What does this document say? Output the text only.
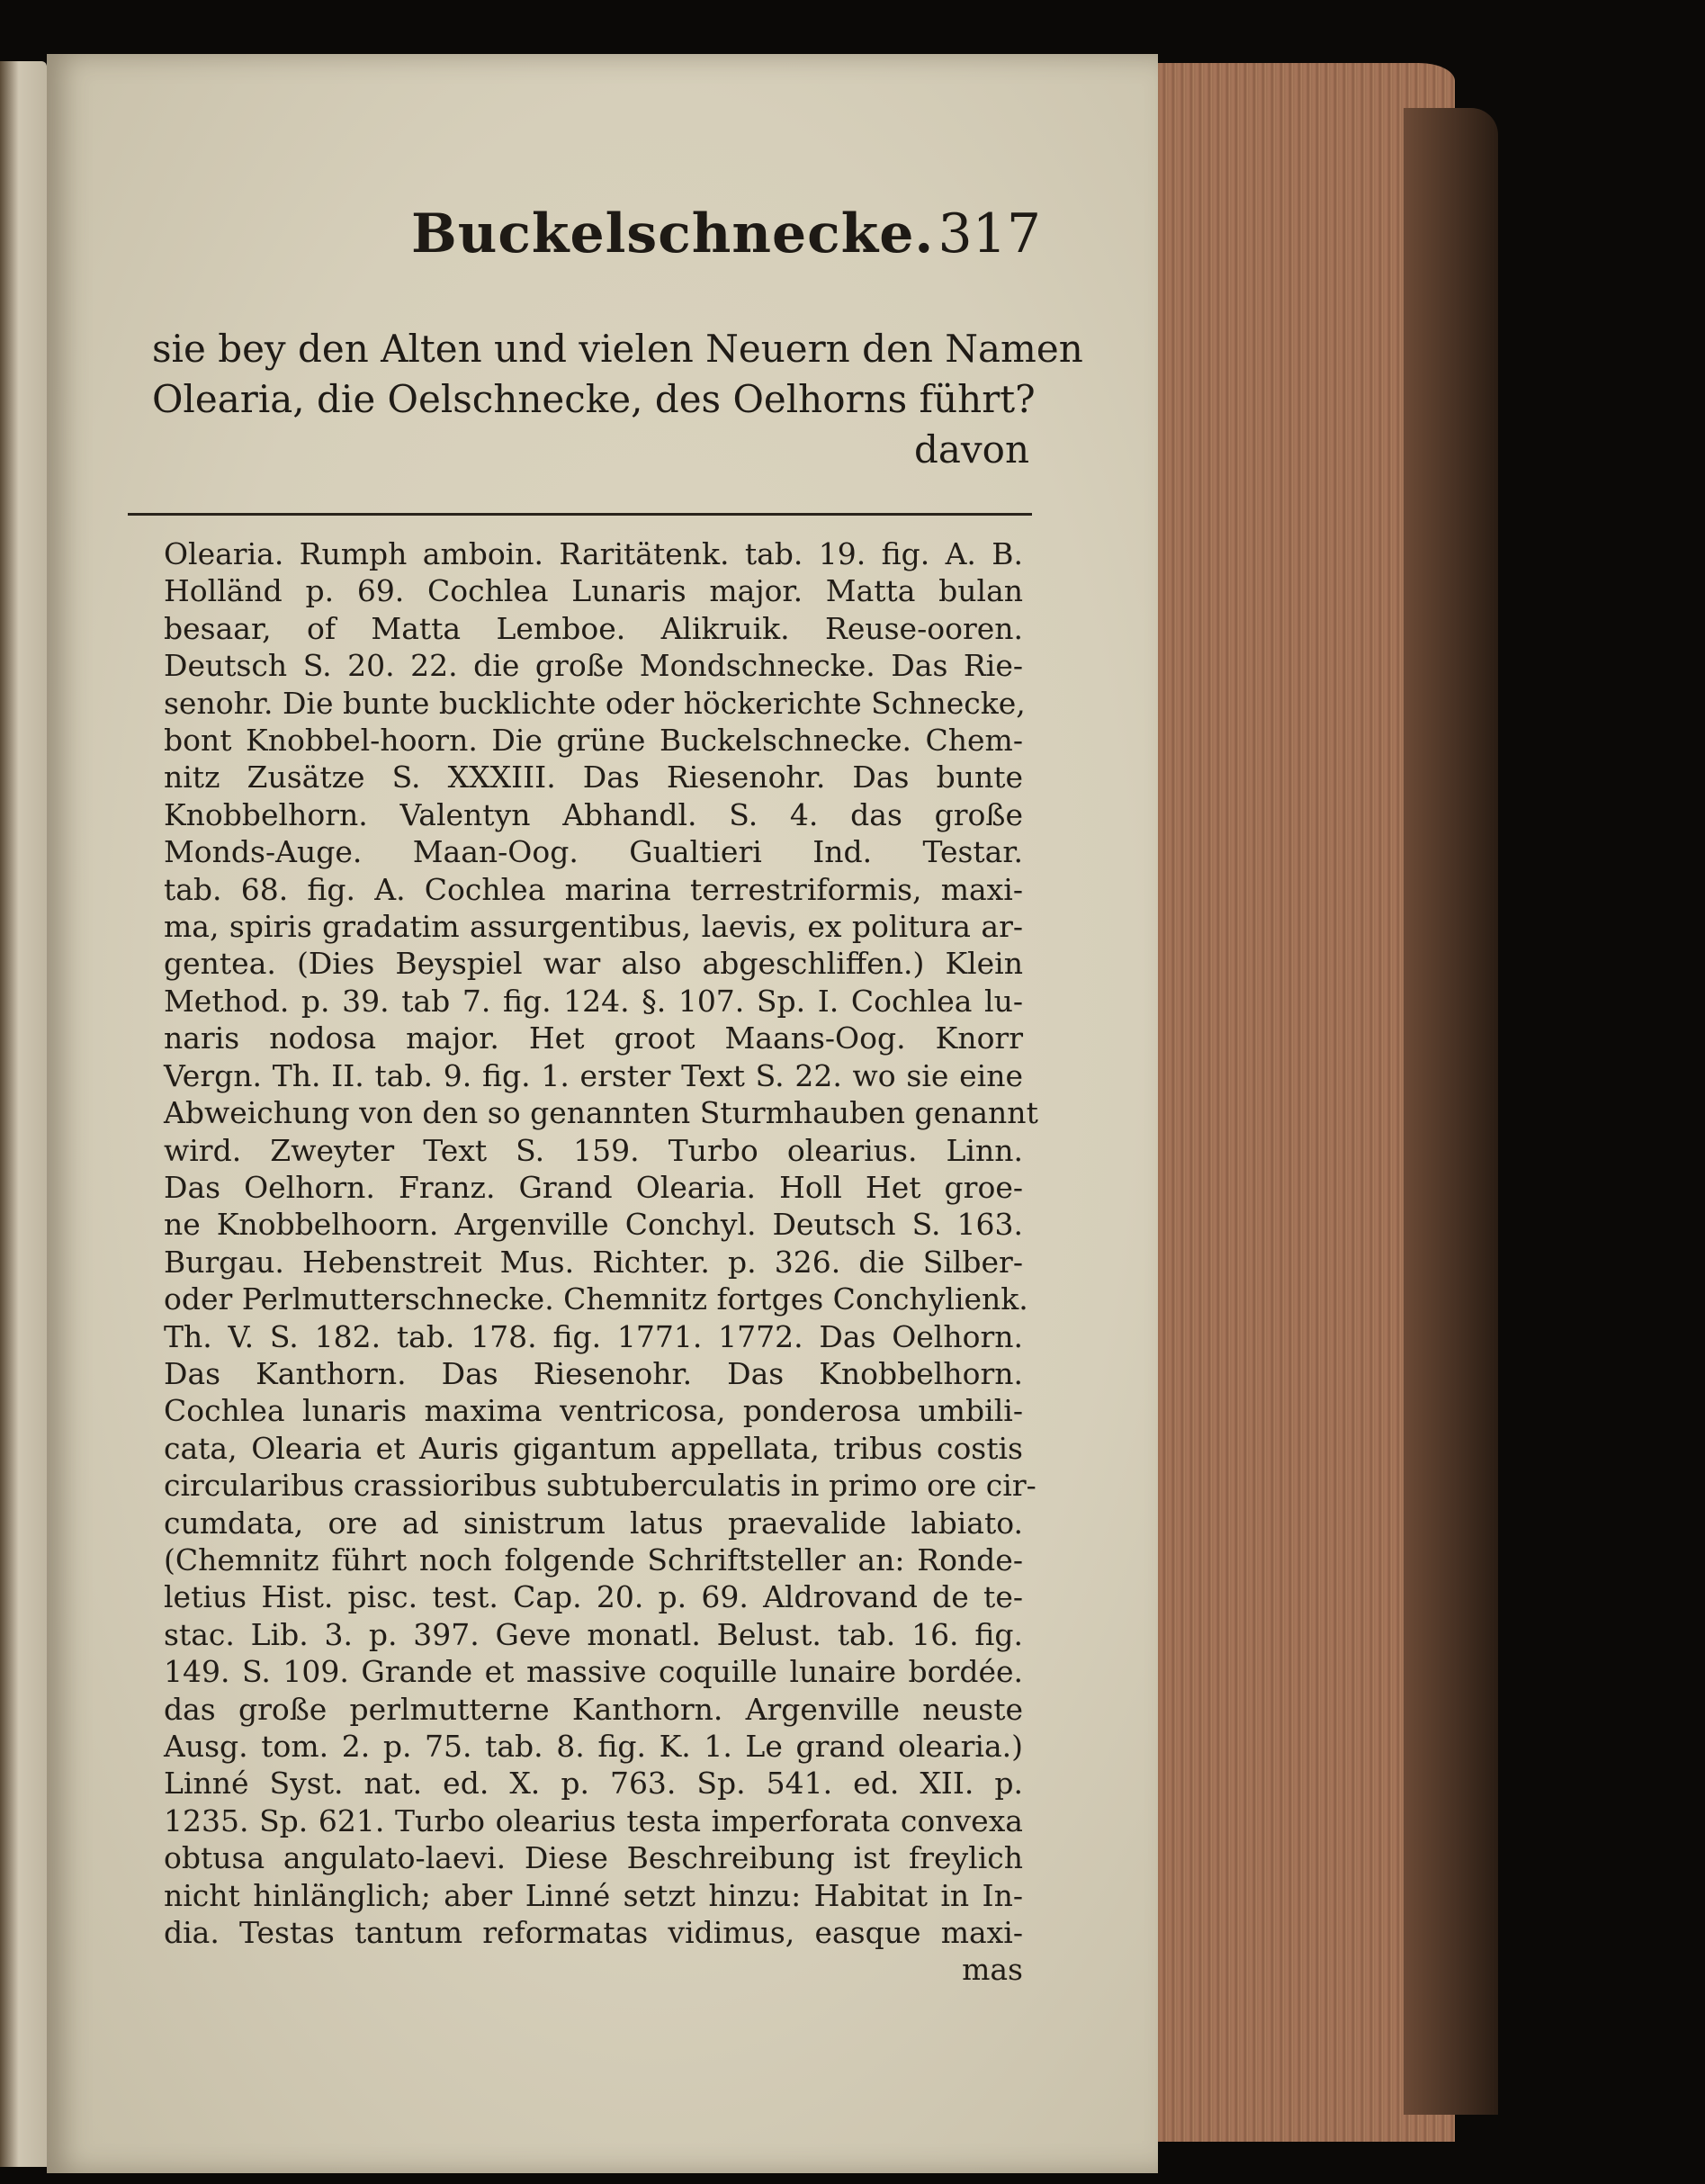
Buckelschnecke. 317
sie bey den Alten und vielen Neuern den Namen
Olearia, die Oelschnecke, des Oelhorns führt?
davon
Olearia. Rumph amboin. Raritätenk. tab. 19. fig. A. B.
Holländ p. 69. Cochlea Lunaris major. Matta bulan
besaar, of Matta Lemboe. Alikruik. Reuse-ooren.
Deutsch S. 20. 22. die große Mondschnecke. Das Rie-
senohr. Die bunte bucklichte oder höckerichte Schnecke,
bont Knobbel-hoorn. Die grüne Buckelschnecke. Chem-
nitz Zusätze S. XXXIII. Das Riesenohr. Das bunte
Knobbelhorn. Valentyn Abhandl. S. 4. das große
Monds-Auge. Maan-Oog. Gualtieri Ind. Testar.
tab. 68. fig. A. Cochlea marina terrestriformis, maxi-
ma, spiris gradatim assurgentibus, laevis, ex politura ar-
gentea. (Dies Beyspiel war also abgeschliffen.) Klein
Method. p. 39. tab 7. fig. 124. §. 107. Sp. I. Cochlea lu-
naris nodosa major. Het groot Maans-Oog. Knorr
Vergn. Th. II. tab. 9. fig. 1. erster Text S. 22. wo sie eine
Abweichung von den so genannten Sturmhauben genannt
wird. Zweyter Text S. 159. Turbo olearius. Linn.
Das Oelhorn. Franz. Grand Olearia. Holl Het groe-
ne Knobbelhoorn. Argenville Conchyl. Deutsch S. 163.
Burgau. Hebenstreit Mus. Richter. p. 326. die Silber-
oder Perlmutterschnecke. Chemnitz fortges Conchylienk.
Th. V. S. 182. tab. 178. fig. 1771. 1772. Das Oelhorn.
Das Kanthorn. Das Riesenohr. Das Knobbelhorn.
Cochlea lunaris maxima ventricosa, ponderosa umbili-
cata, Olearia et Auris gigantum appellata, tribus costis
circularibus crassioribus subtuberculatis in primo ore cir-
cumdata, ore ad sinistrum latus praevalide labiato.
(Chemnitz führt noch folgende Schriftsteller an: Ronde-
letius Hist. pisc. test. Cap. 20. p. 69. Aldrovand de te-
stac. Lib. 3. p. 397. Geve monatl. Belust. tab. 16. fig.
149. S. 109. Grande et massive coquille lunaire bordée.
das große perlmutterne Kanthorn. Argenville neuste
Ausg. tom. 2. p. 75. tab. 8. fig. K. 1. Le grand olearia.)
Linné Syst. nat. ed. X. p. 763. Sp. 541. ed. XII. p.
1235. Sp. 621. Turbo olearius testa imperforata convexa
obtusa angulato-laevi. Diese Beschreibung ist freylich
nicht hinlänglich; aber Linné setzt hinzu: Habitat in In-
dia. Testas tantum reformatas vidimus, easque maxi-
mas
